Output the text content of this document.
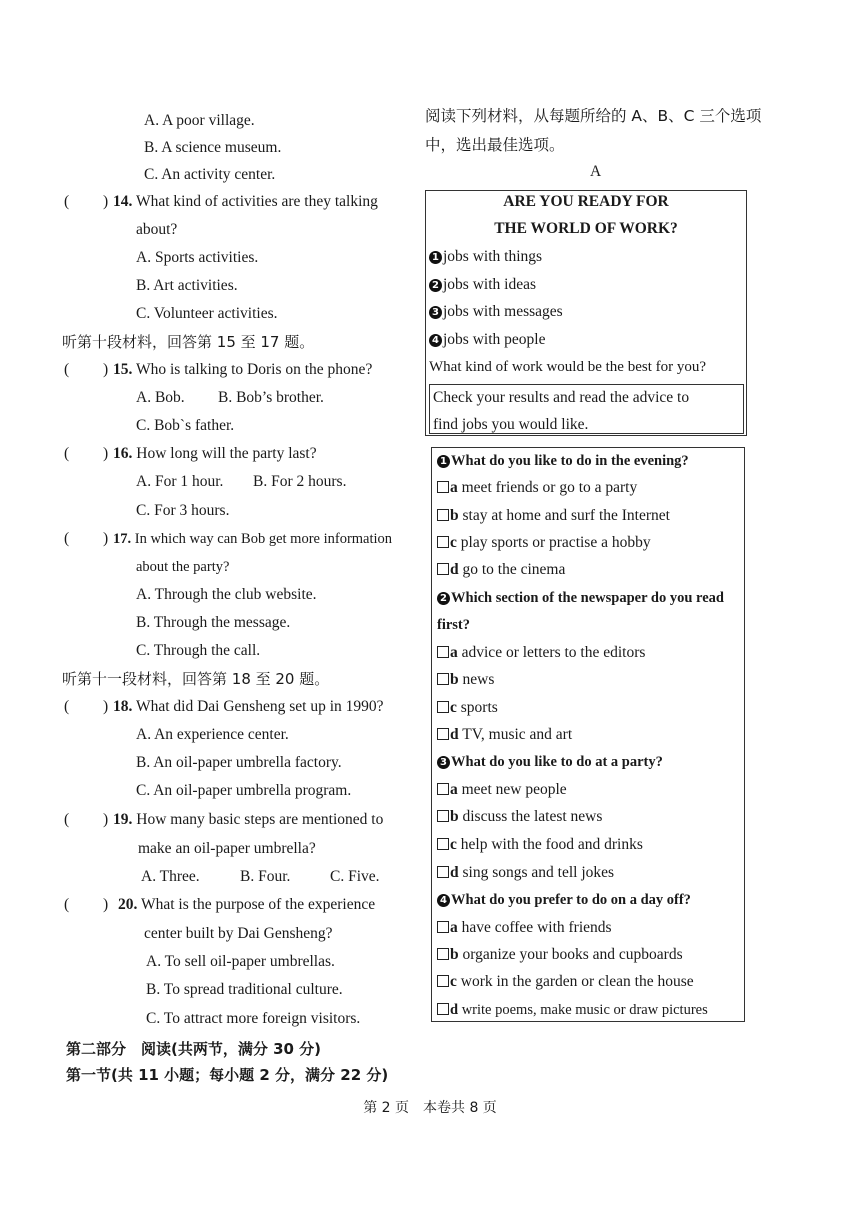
A. A poor village.
B. A science museum.
C. An activity center.
( ) 14. What kind of activities are they talking
about?
A. Sports activities.
B. Art activities.
C. Volunteer activities.
听第十段材料，回答第 15 至 17 题。
( ) 15. Who is talking to Doris on the phone?
A. Bob. B. Bob’s brother.
C. Bob`s father.
( ) 16. How long will the party last?
A. For 1 hour. B. For 2 hours.
C. For 3 hours.
( ) 17. In which way can Bob get more information
about the party?
A. Through the club website.
B. Through the message.
C. Through the call.
听第十一段材料，回答第 18 至 20 题。
( ) 18. What did Dai Gensheng set up in 1990?
A. An experience center.
B. An oil-paper umbrella factory.
C. An oil-paper umbrella program.
( ) 19. How many basic steps are mentioned to
make an oil-paper umbrella?
A. Three.	B. Four.	C. Five.
( ) 20. What is the purpose of the experience
center built by Dai Gensheng?
A. To sell oil-paper umbrellas.
B. To spread traditional culture.
C. To attract more foreign visitors.
第二部分　阅读(共两节，满分 30 分)
第一节(共 11 小题；每小题 2 分，满分 22 分)
阅读下列材料，从每题所给的 A、B、C 三个选项
中，选出最佳选项。
A
ARE YOU READY FOR
THE WORLD OF WORK?
1 jobs with things
2 jobs with ideas
3 jobs with messages
4 jobs with people
What kind of work would be the best for you?
Check your results and read the advice to
find jobs you would like.
1 What do you like to do in the evening?
a meet friends or go to a party
b stay at home and surf the Internet
c play sports or practise a hobby
d go to the cinema
2 Which section of the newspaper do you read
first?
a advice or letters to the editors
b news
c sports
d TV, music and art
3 What do you like to do at a party?
a meet new people
b discuss the latest news
c help with the food and drinks
d sing songs and tell jokes
4 What do you prefer to do on a day off?
a have coffee with friends
b organize your books and cupboards
c work in the garden or clean the house
d write poems, make music or draw pictures
第 2 页　本卷共 8 页
